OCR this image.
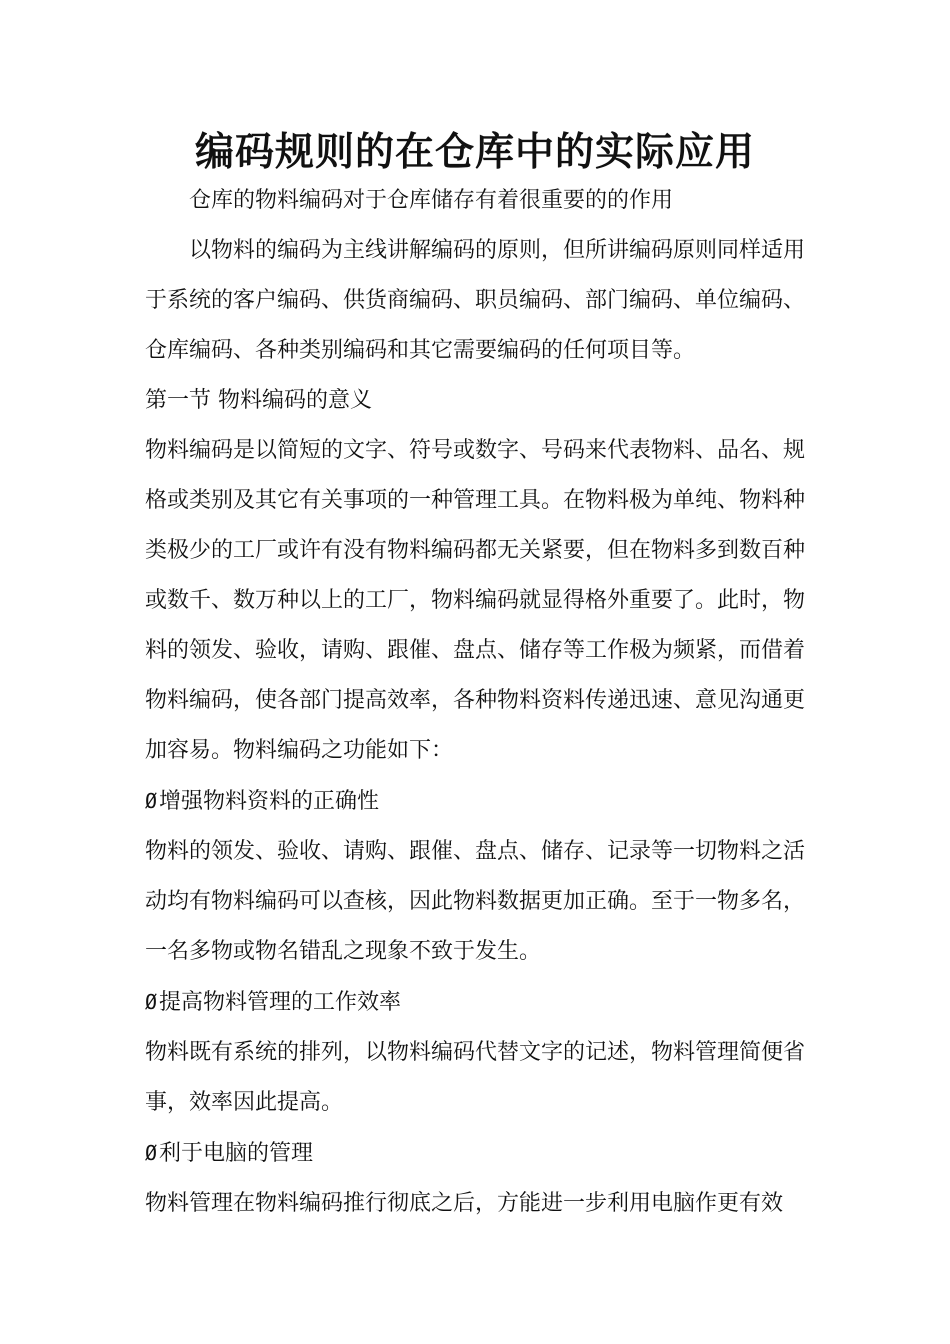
编码规则的在仓库中的实际应用

仓库的物料编码对于仓库储存有着很重要的的作用

以物料的编码为主线讲解编码的原则，但所讲编码原则同样适用于系统的客户编码、供货商编码、职员编码、部门编码、单位编码、仓库编码、各种类别编码和其它需要编码的任何项目等。

第一节 物料编码的意义

物料编码是以简短的文字、符号或数字、号码来代表物料、品名、规格或类别及其它有关事项的一种管理工具。在物料极为单纯、物料种类极少的工厂或许有没有物料编码都无关紧要，但在物料多到数百种或数千、数万种以上的工厂，物料编码就显得格外重要了。此时，物料的领发、验收，请购、跟催、盘点、储存等工作极为频紧，而借着物料编码，使各部门提高效率，各种物料资料传递迅速、意见沟通更加容易。物料编码之功能如下：

Ø增强物料资料的正确性

物料的领发、验收、请购、跟催、盘点、储存、记录等一切物料之活动均有物料编码可以查核，因此物料数据更加正确。至于一物多名，一名多物或物名错乱之现象不致于发生。

Ø提高物料管理的工作效率

物料既有系统的排列，以物料编码代替文字的记述，物料管理简便省事，效率因此提高。

Ø利于电脑的管理

物料管理在物料编码推行彻底之后，方能进一步利用电脑作更有效
